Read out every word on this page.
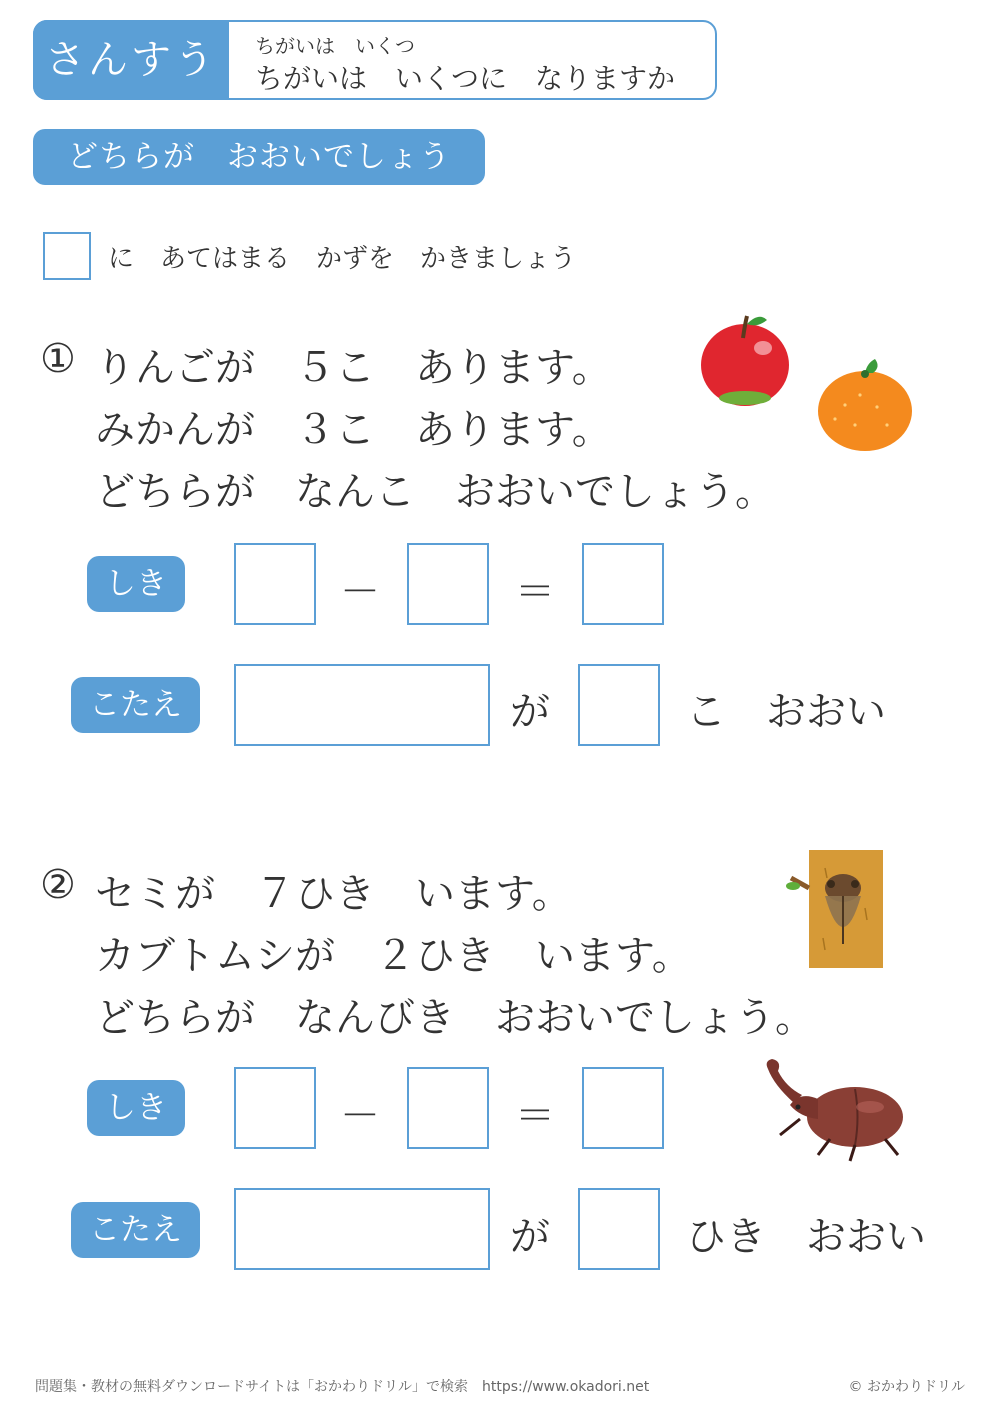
さんすう	ちがいは　いくつ
ちがいは　いくつに　なりますか
どちらが　おおいでしょう
に　あてはまる　かずを　かきましょう
① りんごが　５こ　あります。
みかんが　３こ　あります。
どちらが　なんこ　おおいでしょう。
しき	－	＝
こたえ	が	こ　おおい
② セミが　７ひき　います。
カブトムシが　２ひき　います。
どちらが　なんびき　おおいでしょう。
しき	－	＝
こたえ	が	ひき　おおい
問題集・教材の無料ダウンロードサイトは「おかわりドリル」で検索　https://www.okadori.net	© おかわりドリル
